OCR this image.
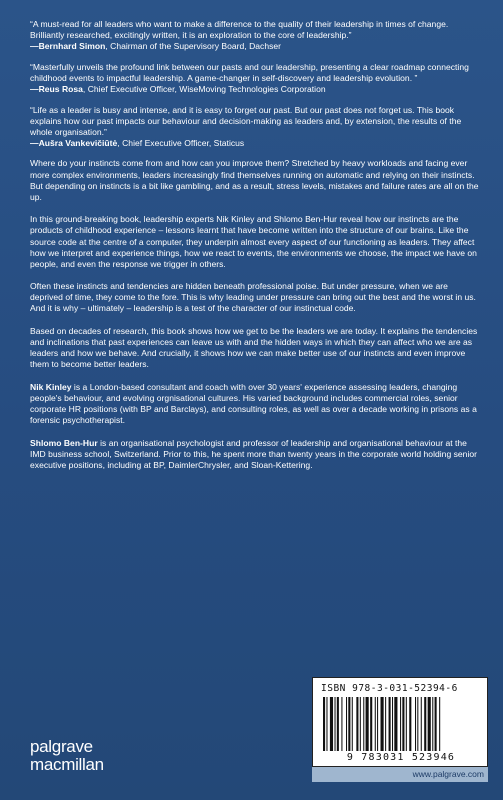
“A must-read for all leaders who want to make a difference to the quality of their leadership in times of change. Brilliantly researched, excitingly written, it is an exploration to the core of leadership.”
—Bernhard Simon, Chairman of the Supervisory Board, Dachser
“Masterfully unveils the profound link between our pasts and our leadership, presenting a clear roadmap connecting childhood events to impactful leadership. A game-changer in self-discovery and leadership evolution. ”
—Reus Rosa, Chief Executive Officer, WiseMoving Technologies Corporation
“Life as a leader is busy and intense, and it is easy to forget our past. But our past does not forget us. This book explains how our past impacts our behaviour and decision-making as leaders and, by extension, the results of the whole organisation.”
—Aušra Vankevičiūtė, Chief Executive Officer, Staticus

Where do your instincts come from and how can you improve them? Stretched by heavy workloads and facing ever more complex environments, leaders increasingly find themselves running on automatic and relying on their instincts. But depending on instincts is a bit like gambling, and as a result, stress levels, mistakes and failure rates are all on the up.

In this ground-breaking book, leadership experts Nik Kinley and Shlomo Ben-Hur reveal how our instincts are the products of childhood experience – lessons learnt that have become written into the structure of our brains. Like the source code at the centre of a computer, they underpin almost every aspect of our functioning as leaders. They affect how we interpret and experience things, how we react to events, the environments we choose, the impact we have on people, and even the response we trigger in others.

Often these instincts and tendencies are hidden beneath professional poise. But under pressure, when we are deprived of time, they come to the fore. This is why leading under pressure can bring out the best and the worst in us. And it is why – ultimately – leadership is a test of the character of our instinctual code.

Based on decades of research, this book shows how we get to be the leaders we are today. It explains the tendencies and inclinations that past experiences can leave us with and the hidden ways in which they can affect who we are as leaders and how we behave. And crucially, it shows how we can make better use of our instincts and even improve them to become better leaders.

Nik Kinley is a London-based consultant and coach with over 30 years' experience assessing leaders, changing people's behaviour, and evolving orgnisational cultures. His varied background includes commercial roles, senior corporate HR positions (with BP and Barclays), and consulting roles, as well as over a decade working in prisons as a forensic psychotherapist.

Shlomo Ben-Hur is an organisational psychologist and professor of leadership and organisational behaviour at the IMD business school, Switzerland. Prior to this, he spent more than twenty years in the corporate world holding senior executive positions, including at BP, DaimlerChrysler, and Sloan-Kettering.

palgrave
macmillan
ISBN 978-3-031-52394-6
9 783031 523946
www.palgrave.com
